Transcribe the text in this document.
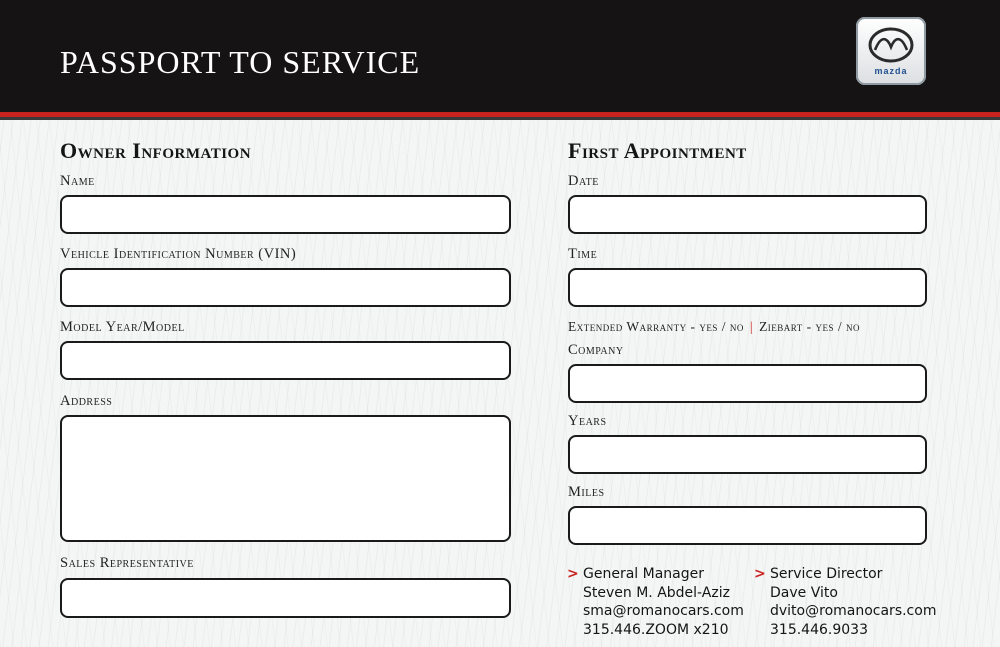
PASSPORT TO SERVICE	mazda
Owner Information
Name
Vehicle Identification Number (VIN)
Model Year/Model
Address
Sales Representative
First Appointment
Date
Time
Extended Warranty - yes / no | Ziebart - yes / no
Company
Years
Miles
> General Manager
Steven M. Abdel-Aziz
sma@romanocars.com
315.446.ZOOM x210
> Service Director
Dave Vito
dvito@romanocars.com
315.446.9033
